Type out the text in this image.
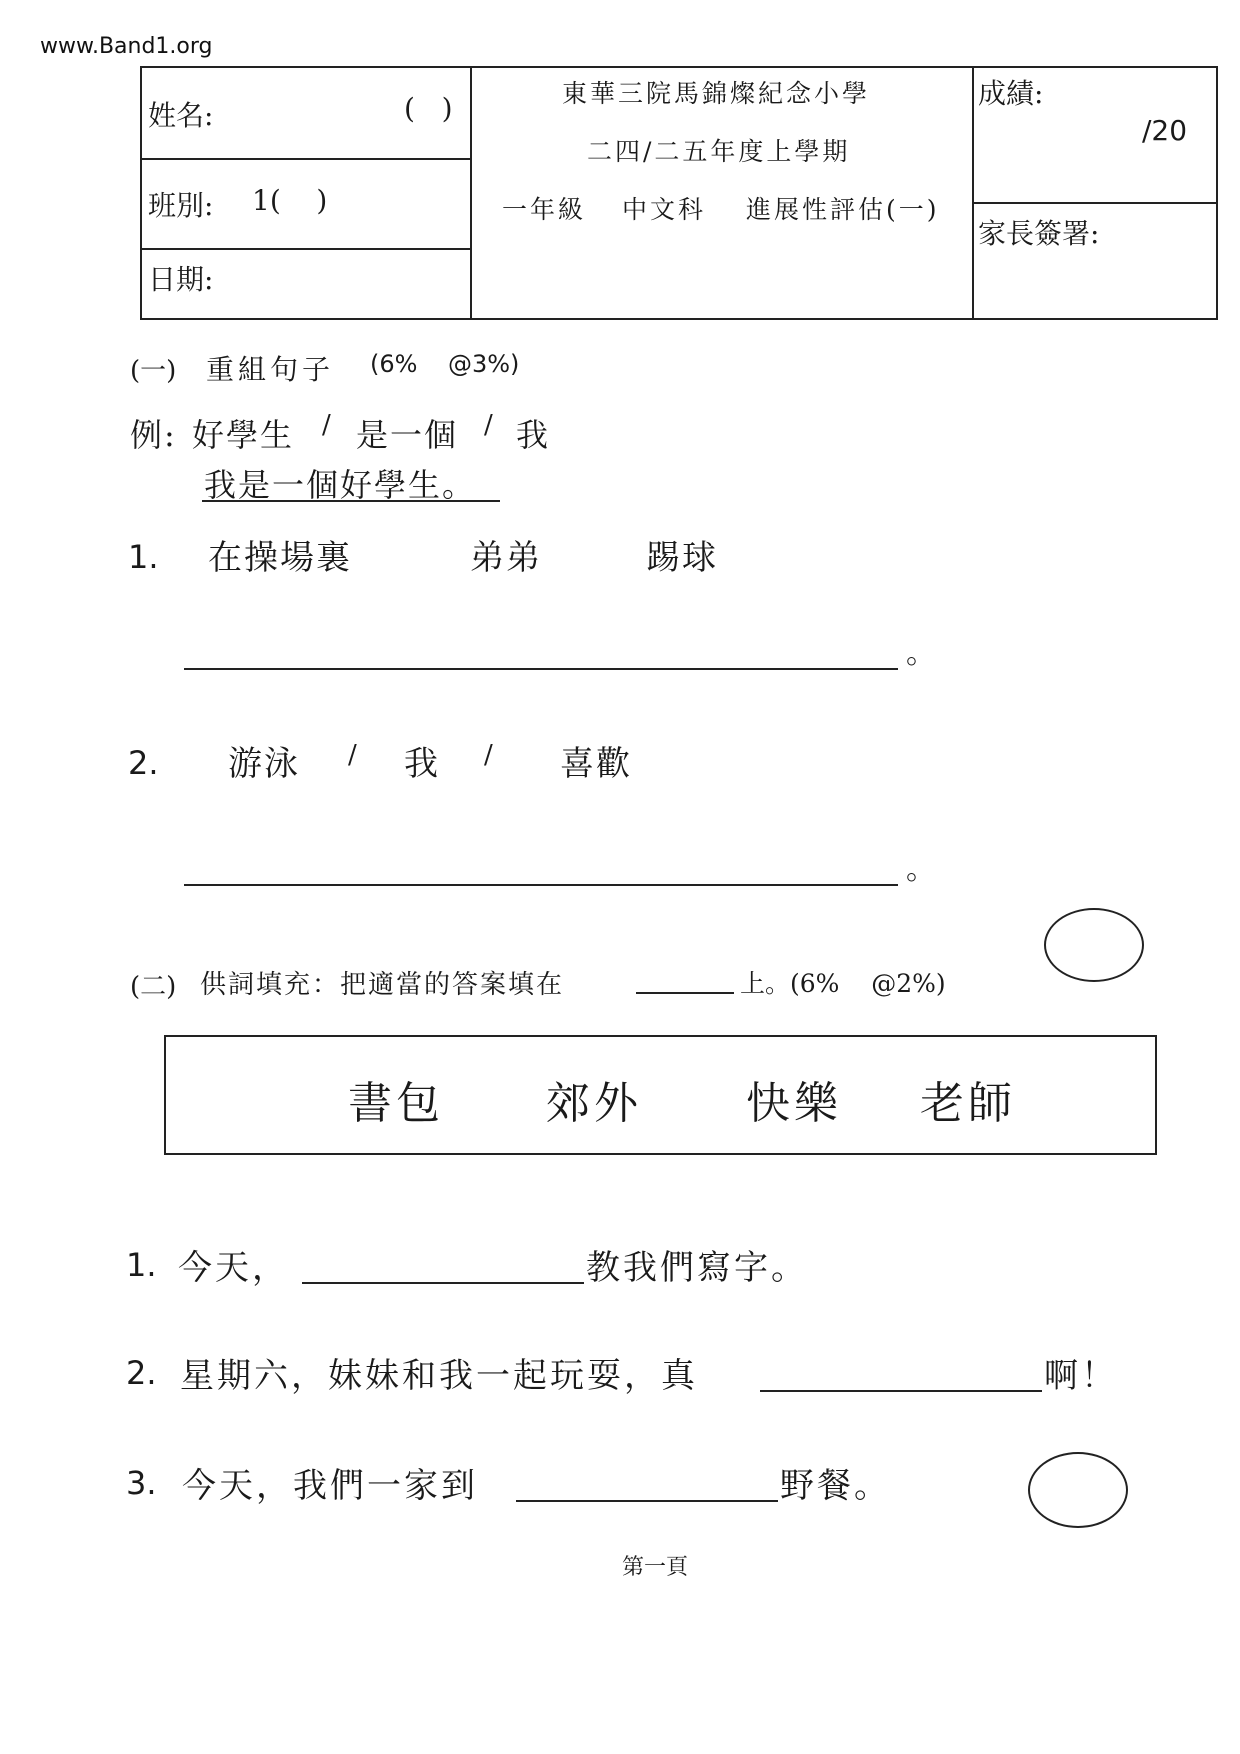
www.Band1.org
姓名:	(   )
班別: 1(    )
日期:
東華三院馬錦燦紀念小學
二四/二五年度上學期
一年級 中文科 進展性評估(一)
成績:
/20
家長簽署:
(一) 重組句子 (6%    @3%)
例: 好學生 / 是一個 / 我
我是一個好學生。
1. 在操場裏	弟弟	踢球
。
2. 游泳 / 我 / 喜歡
。
(二) 供詞填充：把適當的答案填在	上。(6%    @2%)
書包 郊外 快樂 老師
1. 今天，	教我們寫字。
2. 星期六，妹妹和我一起玩耍，真	啊！
3. 今天，我們一家到	野餐。
第一頁
